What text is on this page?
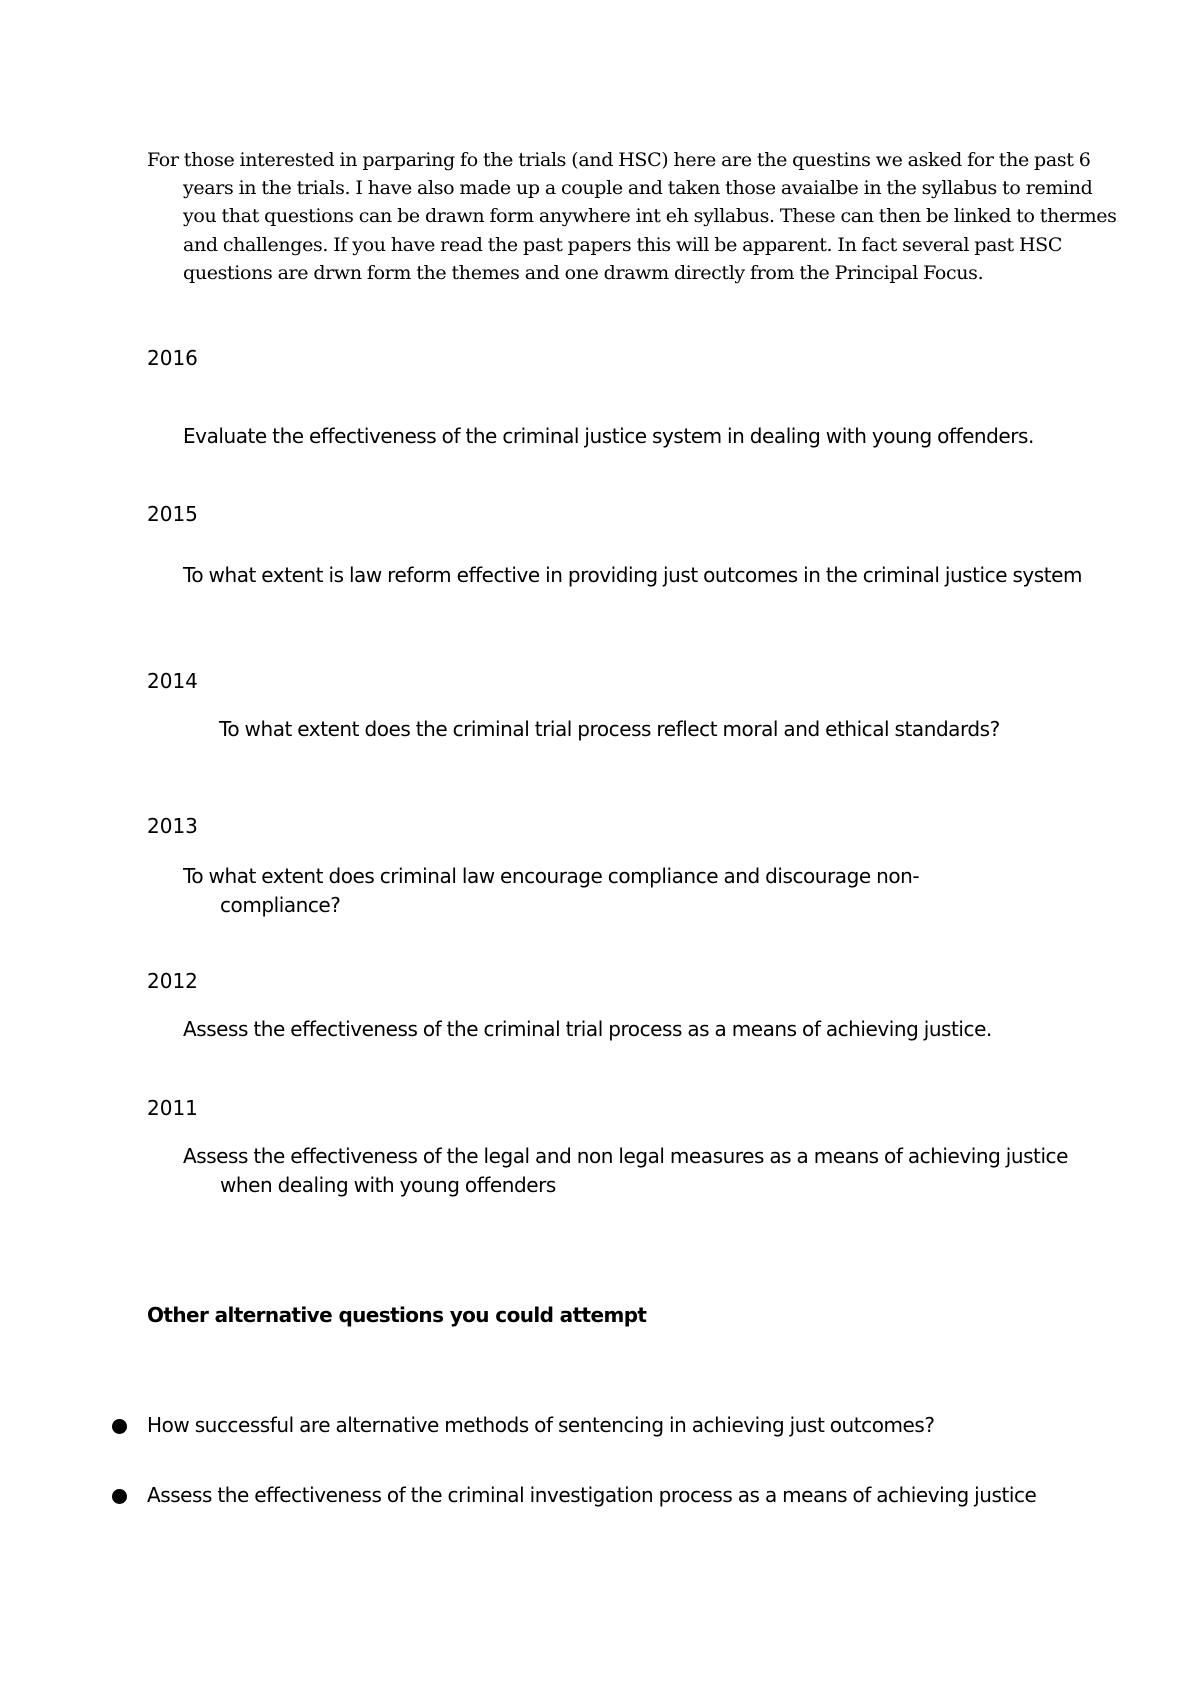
For those interested in parparing fo the trials (and HSC) here are the questins we asked for the past 6 years in the trials. I have also made up a couple and taken those avaialbe in the syllabus to remind you that questions can be drawn form anywhere int eh syllabus. These can then be linked to thermes and challenges. If you have read the past papers this will be apparent. In fact several past HSC questions are drwn form the themes and one drawm directly from the Principal Focus.

2016

Evaluate the effectiveness of the criminal justice system in dealing with young offenders.

2015

To what extent is law reform effective in providing just outcomes in the criminal justice system

2014

To what extent does the criminal trial process reflect moral and ethical standards?

2013

To what extent does criminal law encourage compliance and discourage non-compliance?

2012

Assess the effectiveness of the criminal trial process as a means of achieving justice.

2011

Assess the effectiveness of the legal and non legal measures as a means of achieving justice when dealing with young offenders

Other alternative questions you could attempt

How successful are alternative methods of sentencing in achieving just outcomes?
Assess the effectiveness of the criminal investigation process as a means of achieving justice
